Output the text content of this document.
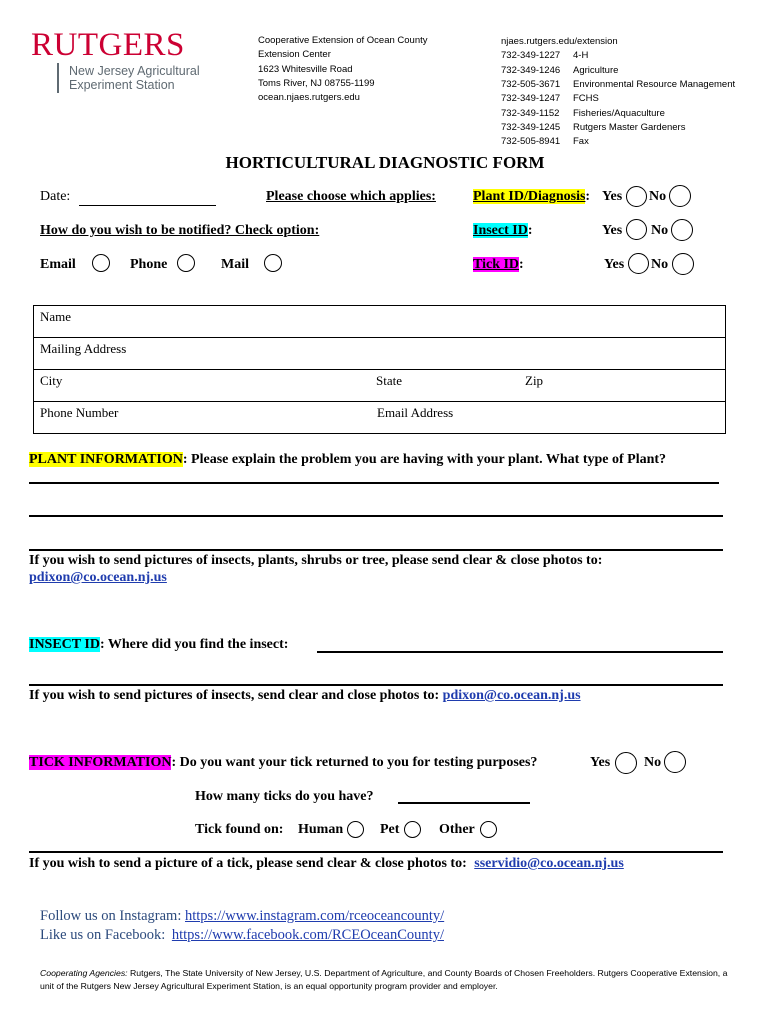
RUTGERS
New Jersey Agricultural
Experiment Station
Cooperative Extension of Ocean County
Extension Center
1623 Whitesville Road
Toms River, NJ 08755-1199
ocean.njaes.rutgers.edu
njaes.rutgers.edu/extension
732-349-1227 4-H
732-349-1246 Agriculture
732-505-3671 Environmental Resource Management
732-349-1247 FCHS
732-349-1152 Fisheries/Aquaculture
732-349-1245 Rutgers Master Gardeners
732-505-8941 Fax
HORTICULTURAL DIAGNOSTIC FORM
Date:	Please choose which applies:	Plant ID/Diagnosis: Yes No
How do you wish to be notified? Check option:	Insect ID:	Yes No
Email	Phone	Mail	Tick ID:	Yes No
Name
Mailing Address
City	State	Zip
Phone Number	Email Address
PLANT INFORMATION: Please explain the problem you are having with your plant. What type of Plant?
If you wish to send pictures of insects, plants, shrubs or tree, please send clear & close photos to:
pdixon@co.ocean.nj.us
INSECT ID: Where did you find the insect:
If you wish to send pictures of insects, send clear and close photos to: pdixon@co.ocean.nj.us
TICK INFORMATION: Do you want your tick returned to you for testing purposes?	Yes No
How many ticks do you have?
Tick found on: Human	Pet	Other
If you wish to send a picture of a tick, please send clear & close photos to: sservidio@co.ocean.nj.us
Follow us on Instagram: https://www.instagram.com/rceoceancounty/
Like us on Facebook: https://www.facebook.com/RCEOceanCounty/
Cooperating Agencies: Rutgers, The State University of New Jersey, U.S. Department of Agriculture, and County Boards of Chosen Freeholders. Rutgers Cooperative Extension, a unit of the Rutgers New Jersey Agricultural Experiment Station, is an equal opportunity program provider and employer.
